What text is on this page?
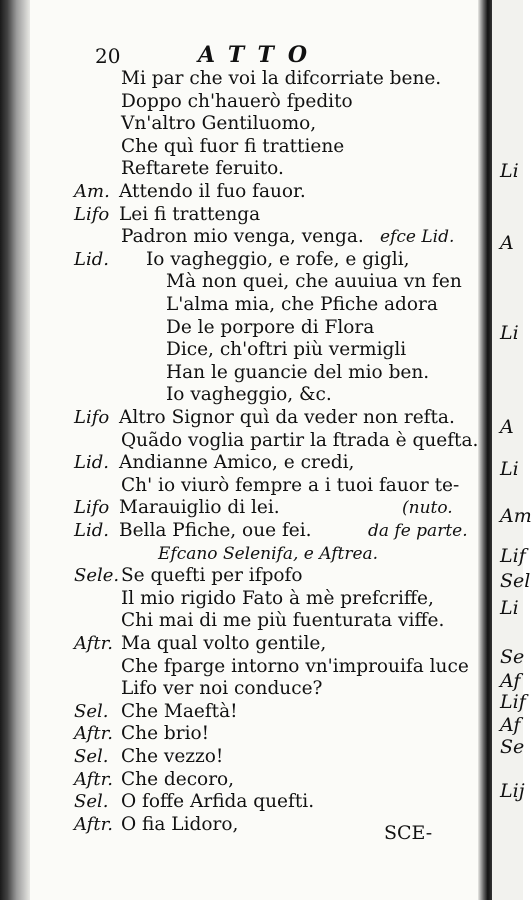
20	ATTO
Mi par che voi la difcorriate bene.
Doppo ch'hauerò fpedito
Vn'altro Gentiluomo,
Che quì fuor fi trattiene
Reftarete feruito.
Am. Attendo il fuo fauor.
Lifo Lei fi trattenga
Padron mio venga, venga. efce Lid.
Lid. Io vagheggio, e rofe, e gigli,
Mà non quei, che auuiua vn fen
L'alma mia, che Pfiche adora
De le porpore di Flora
Dice, ch'oftri più vermigli
Han le guancie del mio ben.
Io vagheggio, &c.
Lifo Altro Signor quì da veder non refta.
Quãdo voglia partir la ftrada è quefta.
Lid. Andianne Amico, e credi,
Ch' io viurò fempre a i tuoi fauor te-
Lifo Marauiglio di lei.	(nuto.
Lid. Bella Pfiche, oue fei.	da fe parte.
Efcano Selenifa, e Aftrea.
Sele. Se quefti per ifpofo
Il mio rigido Fato à mè prefcriffe,
Chi mai di me più fuenturata viffe.
Aftr. Ma qual volto gentile,
Che fparge intorno vn'improuifa luce
Lifo ver noi conduce?
Sel. Che Maeftà!
Aftr. Che brio!
Sel. Che vezzo!
Aftr. Che decoro,
Sel. O foffe Arfida quefti.
Aftr. O fia Lidoro,	SCE-
Li
A
Li
A
Li
Am
Lif
Sel
Li
Se
Af
Lif
Af
Se
Lij
